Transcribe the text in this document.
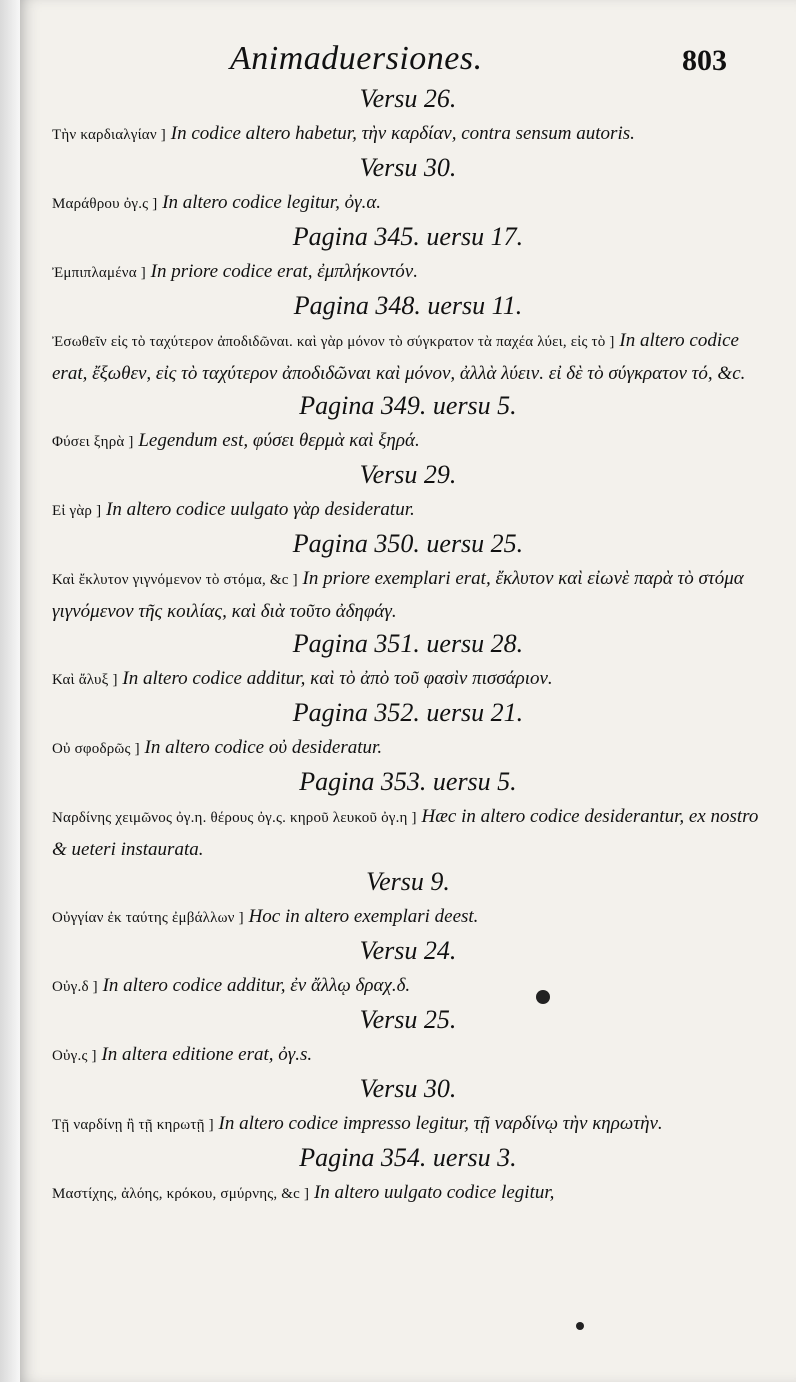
Animaduersiones.	803
Versu 26.
Τὴν καρδιαλγίαν ] In codice altero habetur, τὴν καρδίαν, contra sensum autoris.
Versu 30.
Μαράθρου ὀγ.ς ] In altero codice legitur, ὀγ.α.
Pagina 345. uersu 17.
Ἐμπιπλαμένα ] In priore codice erat, ἐμπλήκοντόν.
Pagina 348. uersu 11.
Ἐσωθεῖν εἰς τὸ ταχύτερον ἀποδιδῶναι. καὶ γὰρ μόνον τὸ σύγκρατον τὰ παχέα λύει, εἰς τὸ ] In altero codice erat, ἔξωθεν, εἰς τὸ ταχύτερον ἀποδιδῶναι καὶ μόνον, ἀλλὰ λύειν. εἰ δὲ τὸ σύγκρατον τό, &c.
Pagina 349. uersu 5.
Φύσει ξηρὰ ] Legendum est, φύσει θερμὰ καὶ ξηρά.
Versu 29.
Εἰ γὰρ ] In altero codice uulgato γὰρ desideratur.
Pagina 350. uersu 25.
Καὶ ἔκλυτον γιγνόμενον τὸ στόμα, &c ] In priore exemplari erat, ἔκλυτον καὶ εἰωνὲ παρὰ τὸ στόμα γιγνόμενον τῆς κοιλίας, καὶ διὰ τοῦτο ἀδηφάγ.
Pagina 351. uersu 28.
Καὶ ἄλυξ ] In altero codice additur, καὶ τὸ ἀπὸ τοῦ φασὶν πισσάριον.
Pagina 352. uersu 21.
Οὐ σφοδρῶς ] In altero codice οὐ desideratur.
Pagina 353. uersu 5.
Ναρδίνης χειμῶνος ὀγ.η. θέρους ὀγ.ς. κηροῦ λευκοῦ ὀγ.η ] Hæc in altero codice desiderantur, ex nostro & ueteri instaurata.
Versu 9.
Οὐγγίαν ἐκ ταύτης ἐμβάλλων ] Hoc in altero exemplari deest.
Versu 24.
Οὐγ.δ ] In altero codice additur, ἐν ἄλλῳ δραχ.δ.
Versu 25.
Οὐγ.ς ] In altera editione erat, ὀγ.s.
Versu 30.
Τῇ ναρδίνῃ ἢ τῇ κηρωτῇ ] In altero codice impresso legitur, τῇ ναρδίνῳ τὴν κηρωτὴν.
Pagina 354. uersu 3.
Μαστίχης, ἀλόης, κρόκου, σμύρνης, &c ] In altero uulgato codice legitur,
